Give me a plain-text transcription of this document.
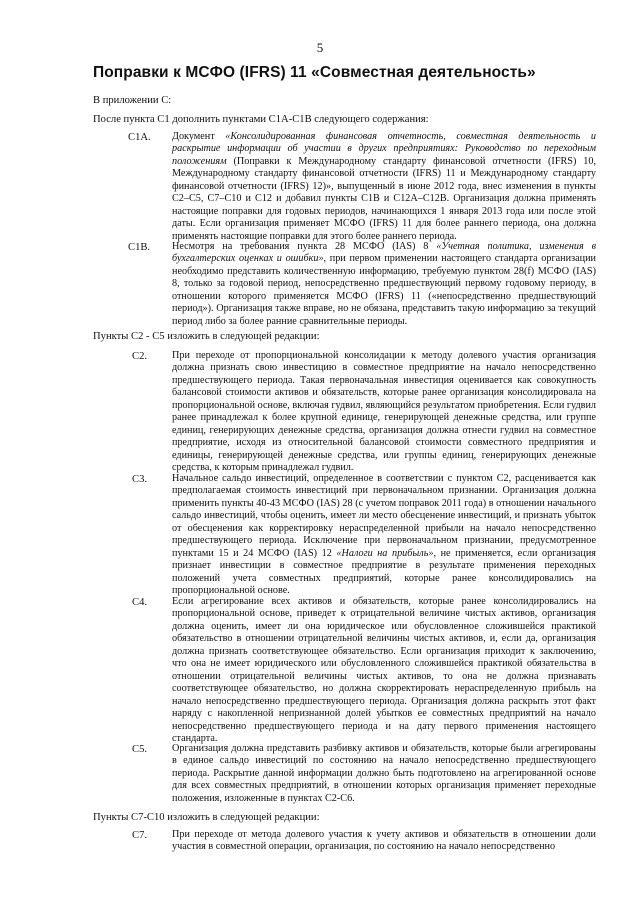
5
Поправки к МСФО (IFRS) 11 «Совместная деятельность»
В приложении С:
После пункта C1 дополнить пунктами C1A-C1B следующего содержания:
C1A. Документ «Консолидированная финансовая отчетность, совместная деятельность и раскрытие информации об участии в других предприятиях: Руководство по переходным положениям (Поправки к Международному стандарту финансовой отчетности (IFRS) 10, Международному стандарту финансовой отчетности (IFRS) 11 и Международному стандарту финансовой отчетности (IFRS) 12)», выпущенный в июне 2012 года, внес изменения в пункты C2–C5, C7–C10 и C12 и добавил пункты C1B и C12A–C12B. Организация должна применять настоящие поправки для годовых периодов, начинающихся 1 января 2013 года или после этой даты. Если организация применяет МСФО (IFRS) 11 для более раннего периода, она должна применять настоящие поправки для этого более раннего периода.
C1B. Несмотря на требования пункта 28 МСФО (IAS) 8 «Учетная политика, изменения в бухгалтерских оценках и ошибки», при первом применении настоящего стандарта организации необходимо представить количественную информацию, требуемую пунктом 28(f) МСФО (IAS) 8, только за годовой период, непосредственно предшествующий первому годовому периоду, в отношении которого применяется МСФО (IFRS) 11 («непосредственно предшествующий период»). Организация также вправе, но не обязана, представить такую информацию за текущий период либо за более ранние сравнительные периоды.
Пункты C2 - C5 изложить в следующей редакции:
C2. При переходе от пропорциональной консолидации к методу долевого участия организация должна признать свою инвестицию в совместное предприятие на начало непосредственно предшествующего периода. Такая первоначальная инвестиция оценивается как совокупность балансовой стоимости активов и обязательств, которые ранее организация консолидировала на пропорциональной основе, включая гудвил, являющийся результатом приобретения. Если гудвил ранее принадлежал к более крупной единице, генерирующей денежные средства, или группе единиц, генерирующих денежные средства, организация должна отнести гудвил на совместное предприятие, исходя из относительной балансовой стоимости совместного предприятия и единицы, генерирующей денежные средства, или группы единиц, генерирующих денежные средства, к которым принадлежал гудвил.
C3. Начальное сальдо инвестиций, определенное в соответствии с пунктом C2, расценивается как предполагаемая стоимость инвестиций при первоначальном признании. Организация должна применить пункты 40-43 МСФО (IAS) 28 (с учетом поправок 2011 года) в отношении начального сальдо инвестиций, чтобы оценить, имеет ли место обесценение инвестиций, и признать убыток от обесценения как корректировку нераспределенной прибыли на начало непосредственно предшествующего периода. Исключение при первоначальном признании, предусмотренное пунктами 15 и 24 МСФО (IAS) 12 «Налоги на прибыль», не применяется, если организация признает инвестиции в совместное предприятие в результате применения переходных положений учета совместных предприятий, которые ранее консолидировались на пропорциональной основе.
C4. Если агрегирование всех активов и обязательств, которые ранее консолидировались на пропорциональной основе, приведет к отрицательной величине чистых активов, организация должна оценить, имеет ли она юридическое или обусловленное сложившейся практикой обязательство в отношении отрицательной величины чистых активов, и, если да, организация должна признать соответствующее обязательство. Если организация приходит к заключению, что она не имеет юридического или обусловленного сложившейся практикой обязательства в отношении отрицательной величины чистых активов, то она не должна признавать соответствующее обязательство, но должна скорректировать нераспределенную прибыль на начало непосредственно предшествующего периода. Организация должна раскрыть этот факт наряду с накопленной непризнанной долей убытков ее совместных предприятий на начало непосредственно предшествующего периода и на дату первого применения настоящего стандарта.
C5. Организация должна представить разбивку активов и обязательств, которые были агрегированы в единое сальдо инвестиций по состоянию на начало непосредственно предшествующего периода. Раскрытие данной информации должно быть подготовлено на агрегированной основе для всех совместных предприятий, в отношении которых организация применяет переходные положения, изложенные в пунктах C2-C6.
Пункты C7-C10 изложить в следующей редакции:
C7. При переходе от метода долевого участия к учету активов и обязательств в отношении доли участия в совместной операции, организация, по состоянию на начало непосредственно
